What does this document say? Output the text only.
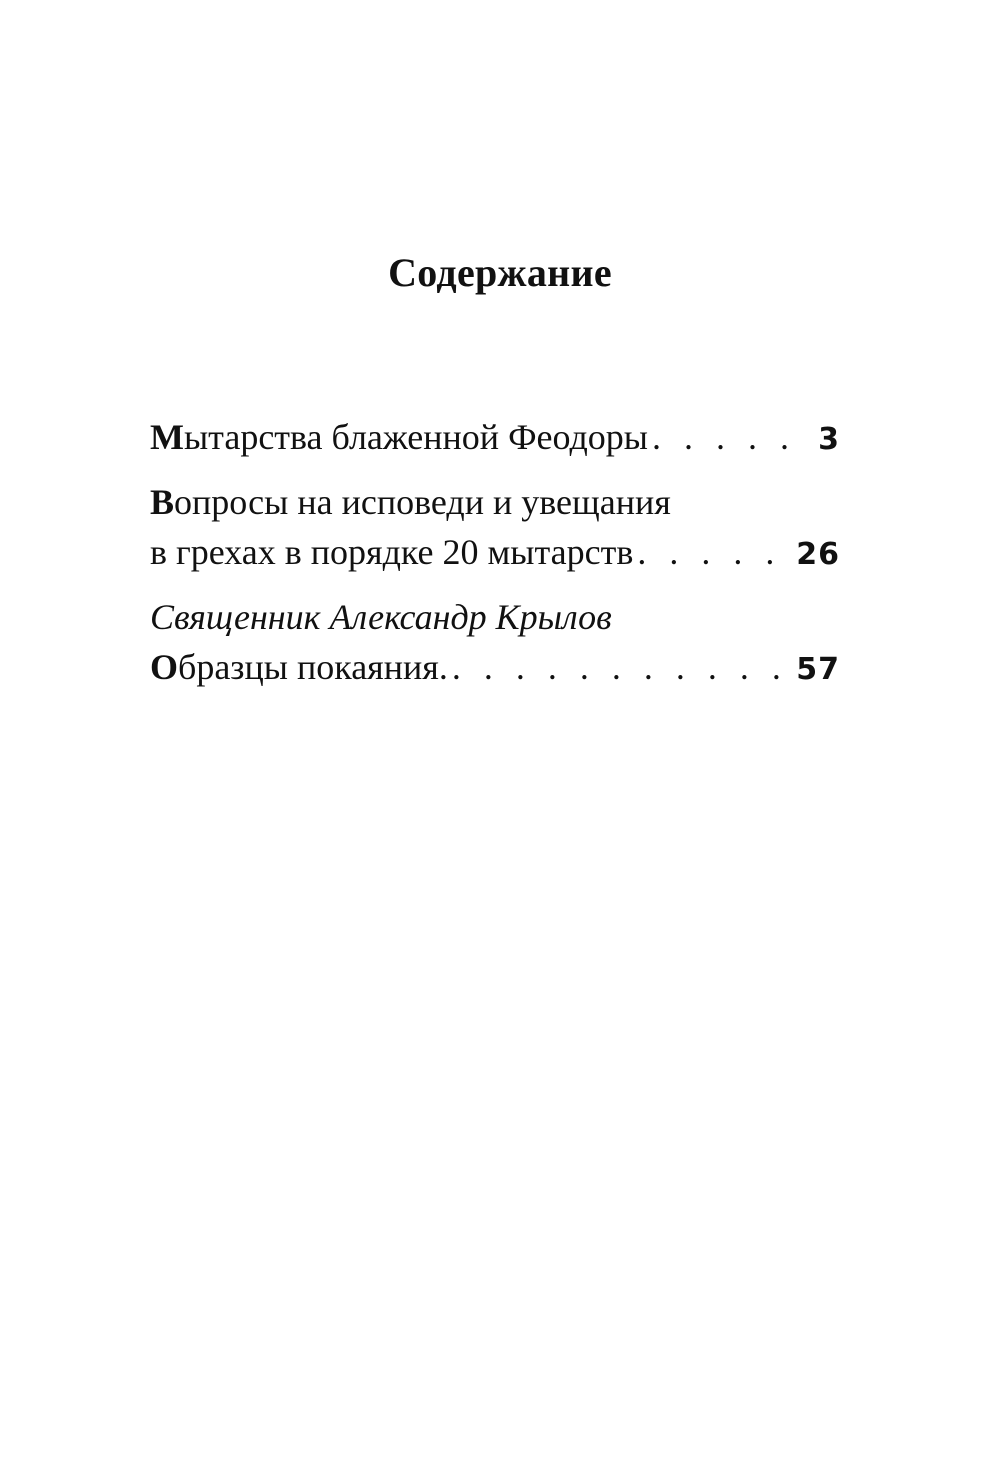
Содержание
Мытарства блаженной Феодоры . . .	3
Вопросы на исповеди и увещания
в грехах в порядке 20 мытарств . . .	26
Священник Александр Крылов
Образцы покаяния. . . .	57
